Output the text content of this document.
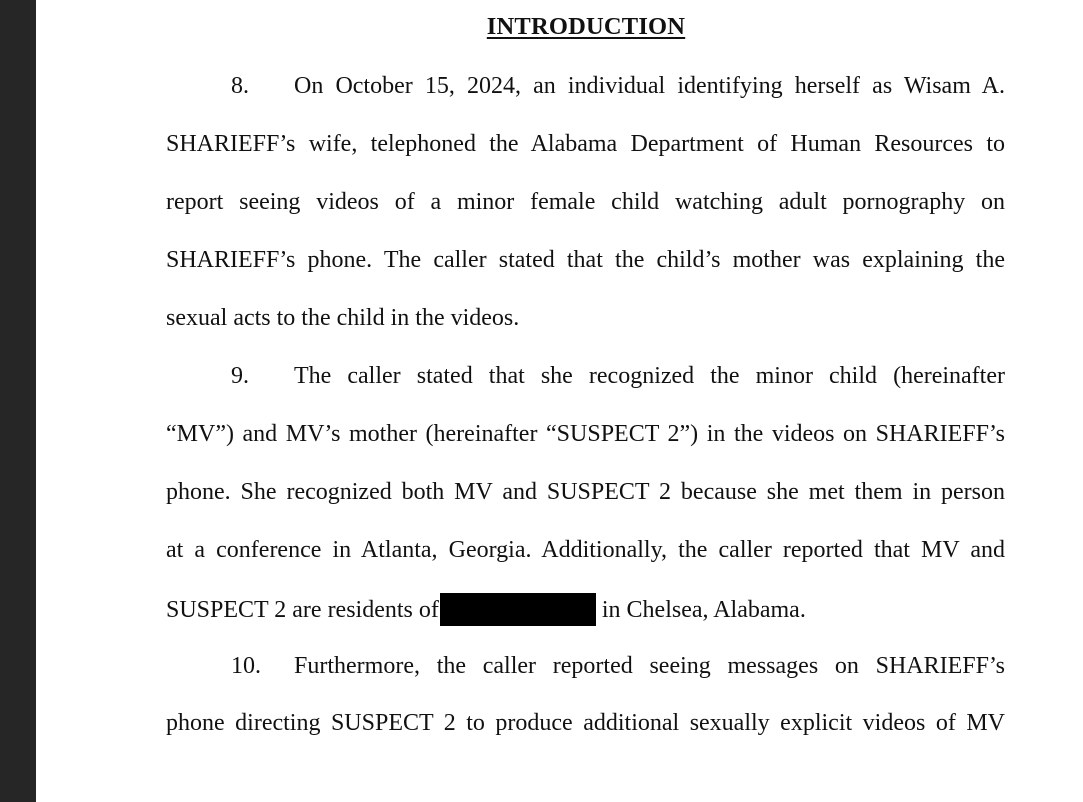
INTRODUCTION
8. On October 15, 2024, an individual identifying herself as Wisam A.
SHARIEFF’s wife, telephoned the Alabama Department of Human Resources to
report seeing videos of a minor female child watching adult pornography on
SHARIEFF’s phone. The caller stated that the child’s mother was explaining the
sexual acts to the child in the videos.
9. The caller stated that she recognized the minor child (hereinafter
“MV”) and MV’s mother (hereinafter “SUSPECT 2”) in the videos on SHARIEFF’s
phone. She recognized both MV and SUSPECT 2 because she met them in person
at a conference in Atlanta, Georgia. Additionally, the caller reported that MV and
SUSPECT 2 are residents of	in Chelsea, Alabama.
10. Furthermore, the caller reported seeing messages on SHARIEFF’s
phone directing SUSPECT 2 to produce additional sexually explicit videos of MV
